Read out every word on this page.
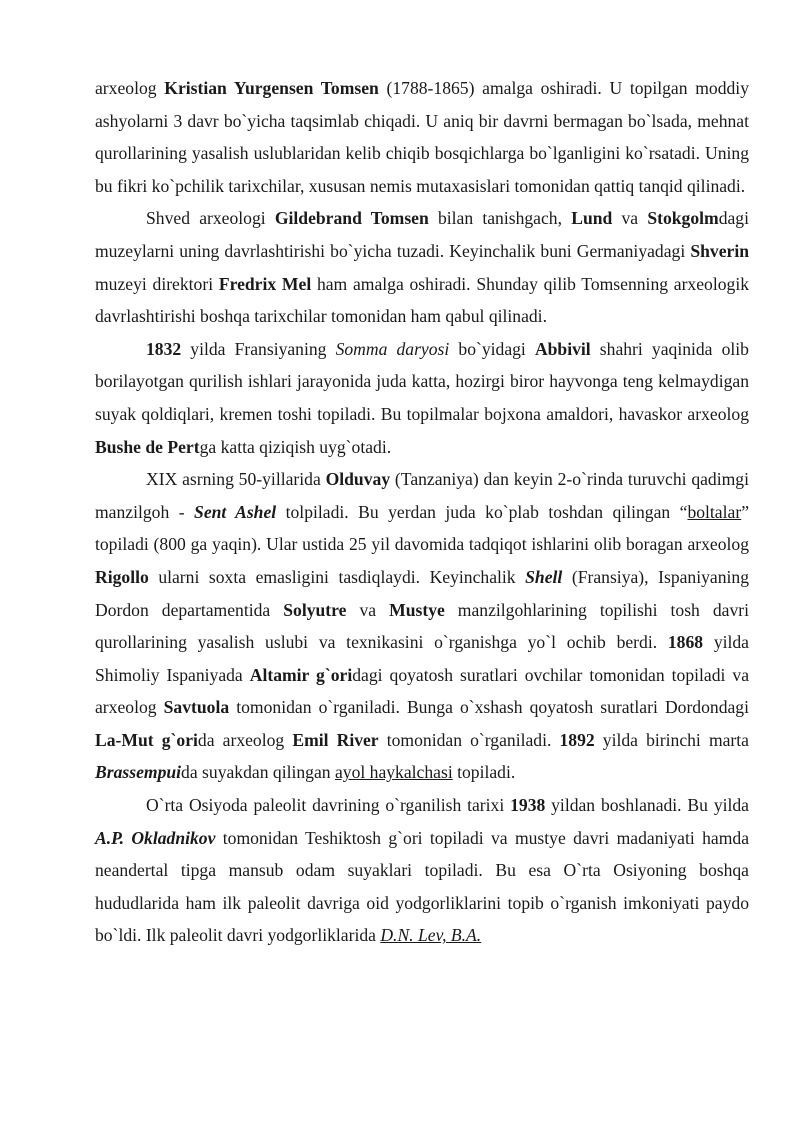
arxeolog Kristian Yurgensen Tomsen (1788-1865) amalga oshiradi. U topilgan moddiy ashyolarni 3 davr bo`yicha taqsimlab chiqadi. U aniq bir davrni bermagan bo`lsada, mehnat qurollarining yasalish uslublaridan kelib chiqib bosqichlarga bo`lganligini ko`rsatadi. Uning bu fikri ko`pchilik tarixchilar, xususan nemis mutaxasislari tomonidan qattiq tanqid qilinadi.

Shved arxeologi Gildebrand Tomsen bilan tanishgach, Lund va Stokgolmdagi muzeylarni uning davrlashtirishi bo`yicha tuzadi. Keyinchalik buni Germaniyadagi Shverin muzeyi direktori Fredrix Mel ham amalga oshiradi. Shunday qilib Tomsenning arxeologik davrlashtirishi boshqa tarixchilar tomonidan ham qabul qilinadi.

1832 yilda Fransiyaning Somma daryosi bo`yidagi Abbivil shahri yaqinida olib borilayotgan qurilish ishlari jarayonida juda katta, hozirgi biror hayvonga teng kelmaydigan suyak qoldiqlari, kremen toshi topiladi. Bu topilmalar bojxona amaldori, havaskor arxeolog Bushe de Pertga katta qiziqish uyg`otadi.

XIX asrning 50-yillarida Olduvay (Tanzaniya) dan keyin 2-o`rinda turuvchi qadimgi manzilgoh - Sent Ashel tolpiladi. Bu yerdan juda ko`plab toshdan qilingan “boltalar” topiladi (800 ga yaqin). Ular ustida 25 yil davomida tadqiqot ishlarini olib boragan arxeolog Rigollo ularni soxta emasligini tasdiqlaydi. Keyinchalik Shell (Fransiya), Ispaniyaning Dordon departamentida Solyutre va Mustye manzilgohlarining topilishi tosh davri qurollarining yasalish uslubi va texnikasini o`rganishga yo`l ochib berdi. 1868 yilda Shimoliy Ispaniyada Altamir g`oridagi qoyatosh suratlari ovchilar tomonidan topiladi va arxeolog Savtuola tomonidan o`rganiladi. Bunga o`xshash qoyatosh suratlari Dordondagi La-Mut g`orida arxeolog Emil River tomonidan o`rganiladi. 1892 yilda birinchi marta Brassempuida suyakdan qilingan ayol haykalchasi topiladi.

O`rta Osiyoda paleolit davrining o`rganilish tarixi 1938 yildan boshlanadi. Bu yilda A.P. Okladnikov tomonidan Teshiktosh g`ori topiladi va mustye davri madaniyati hamda neandertal tipga mansub odam suyaklari topiladi. Bu esa O`rta Osiyoning boshqa hududlarida ham ilk paleolit davriga oid yodgorliklarini topib o`rganish imkoniyati paydo bo`ldi. Ilk paleolit davri yodgorliklarida D.N. Lev, B.A.
